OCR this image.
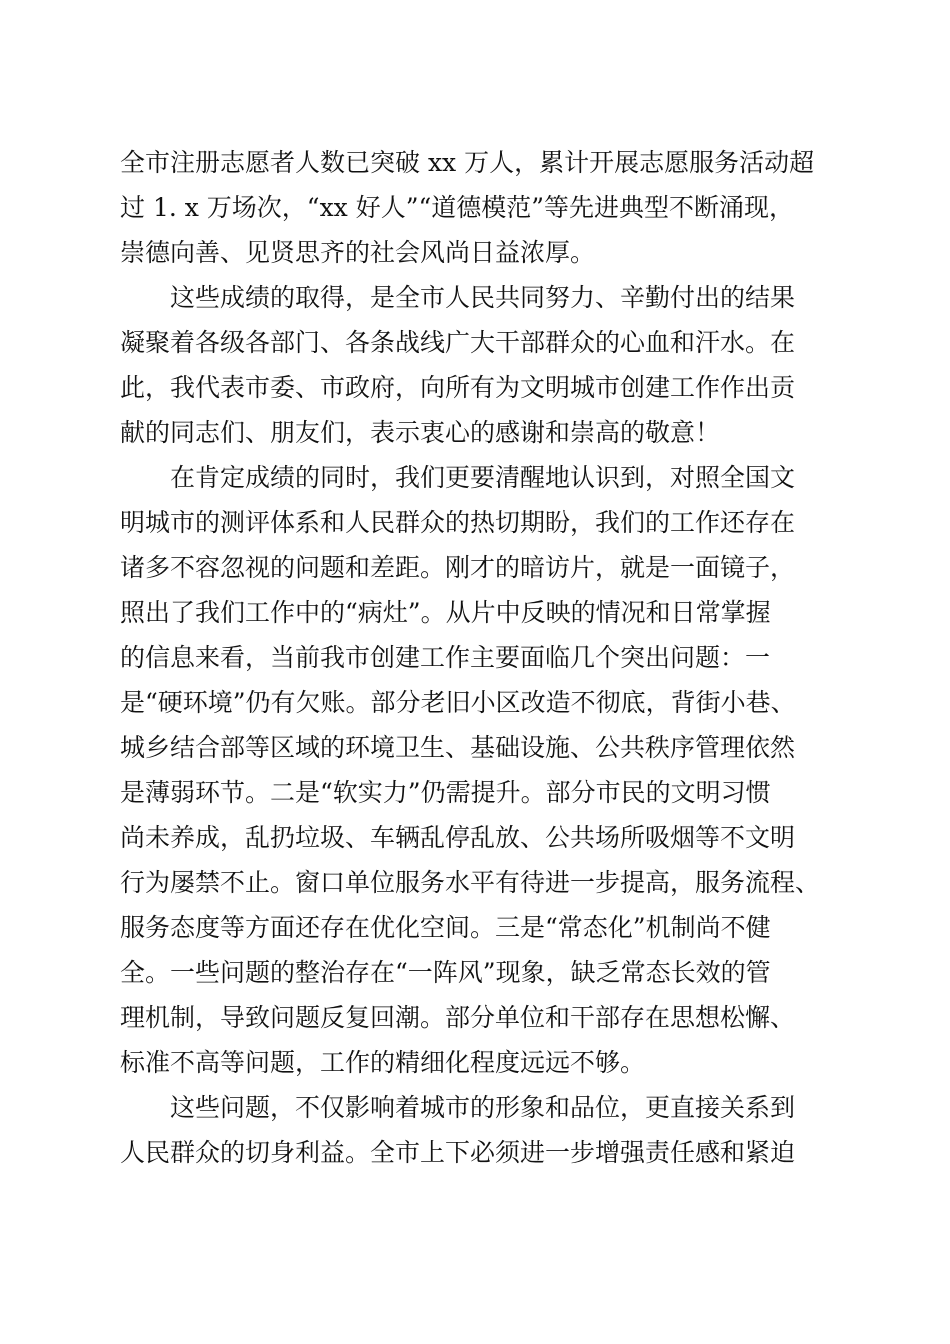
全市注册志愿者人数已突破 xx 万人，累计开展志愿服务活动超
过 1. x 万场次，“xx 好人”“道德模范”等先进典型不断涌现，
崇德向善、见贤思齐的社会风尚日益浓厚。
　　这些成绩的取得，是全市人民共同努力、辛勤付出的结果
凝聚着各级各部门、各条战线广大干部群众的心血和汗水。在
此，我代表市委、市政府，向所有为文明城市创建工作作出贡
献的同志们、朋友们，表示衷心的感谢和崇高的敬意！
　　在肯定成绩的同时，我们更要清醒地认识到，对照全国文
明城市的测评体系和人民群众的热切期盼，我们的工作还存在
诸多不容忽视的问题和差距。刚才的暗访片，就是一面镜子，
照出了我们工作中的“病灶”。从片中反映的情况和日常掌握
的信息来看，当前我市创建工作主要面临几个突出问题：一
是“硬环境”仍有欠账。部分老旧小区改造不彻底，背街小巷、
城乡结合部等区域的环境卫生、基础设施、公共秩序管理依然
是薄弱环节。二是“软实力”仍需提升。部分市民的文明习惯
尚未养成，乱扔垃圾、车辆乱停乱放、公共场所吸烟等不文明
行为屡禁不止。窗口单位服务水平有待进一步提高，服务流程、
服务态度等方面还存在优化空间。三是“常态化”机制尚不健
全。一些问题的整治存在“一阵风”现象，缺乏常态长效的管
理机制，导致问题反复回潮。部分单位和干部存在思想松懈、
标准不高等问题，工作的精细化程度远远不够。
　　这些问题，不仅影响着城市的形象和品位，更直接关系到
人民群众的切身利益。全市上下必须进一步增强责任感和紧迫
